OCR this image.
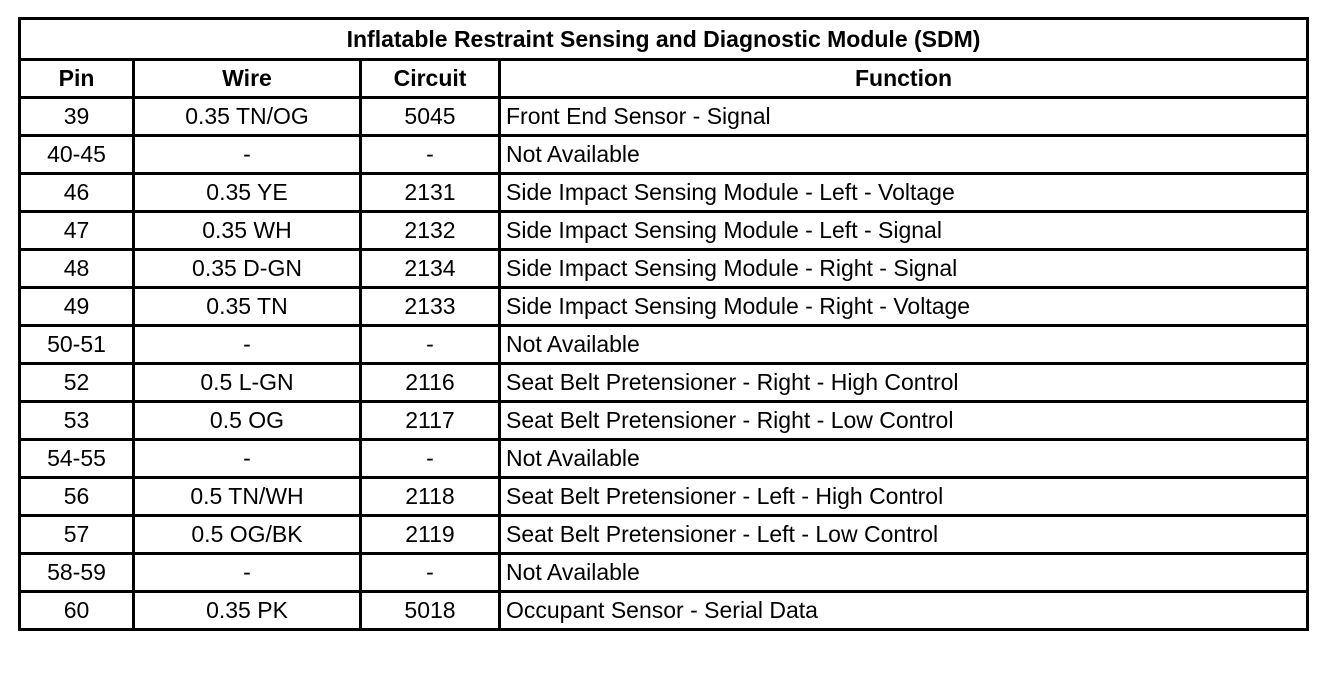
Inflatable Restraint Sensing and Diagnostic Module (SDM)			
Pin	Wire	Circuit	Function
39	0.35 TN/OG	5045	Front End Sensor - Signal
40-45	-	-	Not Available
46	0.35 YE	2131	Side Impact Sensing Module - Left - Voltage
47	0.35 WH	2132	Side Impact Sensing Module - Left - Signal
48	0.35 D-GN	2134	Side Impact Sensing Module - Right - Signal
49	0.35 TN	2133	Side Impact Sensing Module - Right - Voltage
50-51	-	-	Not Available
52	0.5 L-GN	2116	Seat Belt Pretensioner - Right - High Control
53	0.5 OG	2117	Seat Belt Pretensioner - Right - Low Control
54-55	-	-	Not Available
56	0.5 TN/WH	2118	Seat Belt Pretensioner - Left - High Control
57	0.5 OG/BK	2119	Seat Belt Pretensioner - Left - Low Control
58-59	-	-	Not Available
60	0.35 PK	5018	Occupant Sensor - Serial Data
